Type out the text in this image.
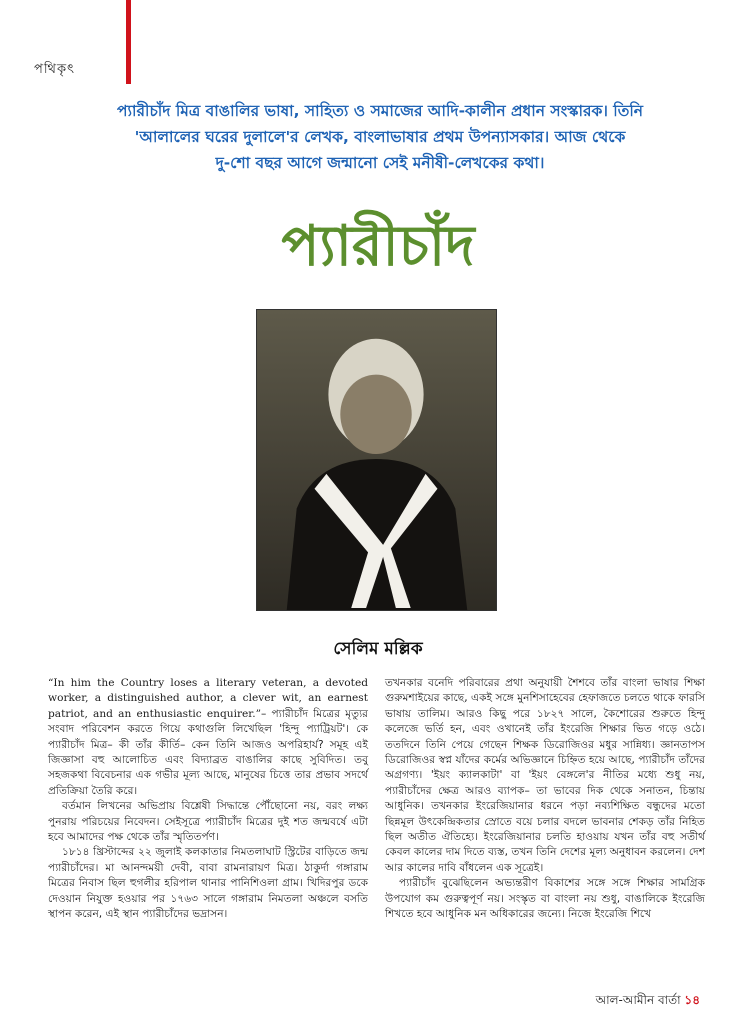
পথিকৃৎ
প্যারীচাঁদ মিত্র বাঙালির ভাষা, সাহিত্য ও সমাজের আদি-কালীন প্রধান সংস্কারক। তিনি
'আলালের ঘরের দুলালে'র লেখক, বাংলাভাষার প্রথম উপন্যাসকার। আজ থেকে
দু-শো বছর আগে জন্মানো সেই মনীষী-লেখকের কথা।
প্যারীচাঁদ
সেলিম মল্লিক

“In him the Country loses a literary veteran, a devoted worker, a distinguished author, a clever wit, an earnest patriot, and an enthusiastic enquirer.”– প্যারীচাঁদ মিত্রের মৃত্যুর সংবাদ পরিবেশন করতে গিয়ে কথাগুলি লিখেছিল 'হিন্দু প্যাট্রিয়ট'। কে প্যারীচাঁদ মিত্র– কী তাঁর কীর্তি– কেন তিনি আজও অপরিহার্য? সমূহ এই জিজ্ঞাসা বহু আলোচিত এবং বিদ্যাব্রত বাঙালির কাছে সুবিদিত। তবু সহজকথা বিবেচনার এক গভীর মূল্য আছে, মানুষের চিত্তে তার প্রভাব সদর্থে প্রতিক্রিয়া তৈরি করে।

বর্তমান লিখনের অভিপ্রায় বিশ্লেষী সিদ্ধান্তে পৌঁছোনো নয়, বরং লক্ষ্য পুনরায় পরিচয়ের নিবেদন। সেইসূত্রে প্যারীচাঁদ মিত্রের দুই শত জন্মবর্ষে এটা হবে আমাদের পক্ষ থেকে তাঁর স্মৃতিতর্পণ।

১৮১৪ খ্রিস্টাব্দের ২২ জুলাই কলকাতার নিমতলাঘাট স্ট্রিটের বাড়িতে জন্ম প্যারীচাঁদের। মা আনন্দময়ী দেবী, বাবা রামনারায়ণ মিত্র। ঠাকুর্দা গঙ্গারাম মিত্রের নিবাস ছিল হুগলীর হরিপাল থানার পানিশিওলা গ্রাম। খিদিরপুর ডকে দেওয়ান নিযুক্ত হওয়ার পর ১৭৬৩ সালে গঙ্গারাম নিমতলা অঞ্চলে বসতি স্থাপন করেন, এই স্থান প্যারীচাঁদের ভদ্রাসন।

তখনকার বনেদি পরিবারের প্রথা অনুযায়ী শৈশবে তাঁর বাংলা ভাষার শিক্ষা গুরুমশাইয়ের কাছে, একই সঙ্গে মুনশিসাহেবের হেফাজতে চলতে থাকে ফারসি ভাষায় তালিম। আরও কিছু পরে ১৮২৭ সালে, কৈশোরের শুরুতে হিন্দু কলেজে ভর্তি হন, এবং ওখানেই তাঁর ইংরেজি শিক্ষার ভিত গড়ে ওঠে। ততদিনে তিনি পেয়ে গেছেন শিক্ষক ডিরোজিওর মধুর সান্নিধ্য। জ্ঞানতাপস ডিরোজিওর স্বপ্ন যাঁদের কর্মের অভিজ্ঞানে চিহ্নিত হয়ে আছে, প্যারীচাঁদ তাঁদের অগ্রগণ্য। 'ইয়ং ক্যালকাটা' বা 'ইয়ং বেঙ্গলে'র নীতির মধ্যে শুধু নয়, প্যারীচাঁদের ক্ষেত্র আরও ব্যাপক– তা ভাবের দিক থেকে সনাতন, চিন্তায় আধুনিক। তখনকার ইংরেজিয়ানার ধরনে পড়া নব্যশিক্ষিত বন্ধুদের মতো ছিন্নমূল উৎকেন্দ্রিকতার স্রোতে বয়ে চলার বদলে ভাবনার শেকড় তাঁর নিহিত ছিল অতীত ঐতিহ্যে। ইংরেজিয়ানার চলতি হাওয়ায় যখন তাঁর বহু সতীর্থ কেবল কালের দাম দিতে ব্যস্ত, তখন তিনি দেশের মূল্য অনুধাবন করলেন। দেশ আর কালের দাবি বাঁধলেন এক সূত্রেই।

প্যারীচাঁদ বুঝেছিলেন অভ্যন্তরীণ বিকাশের সঙ্গে সঙ্গে শিক্ষার সামগ্রিক উপযোগ কম গুরুত্বপূর্ণ নয়। সংস্কৃত বা বাংলা নয় শুধু, বাঙালিকে ইংরেজি শিখতে হবে আধুনিক মন অধিকারের জন্যে। নিজে ইংরেজি শিখে

আল-আমীন বার্তা ১৪
